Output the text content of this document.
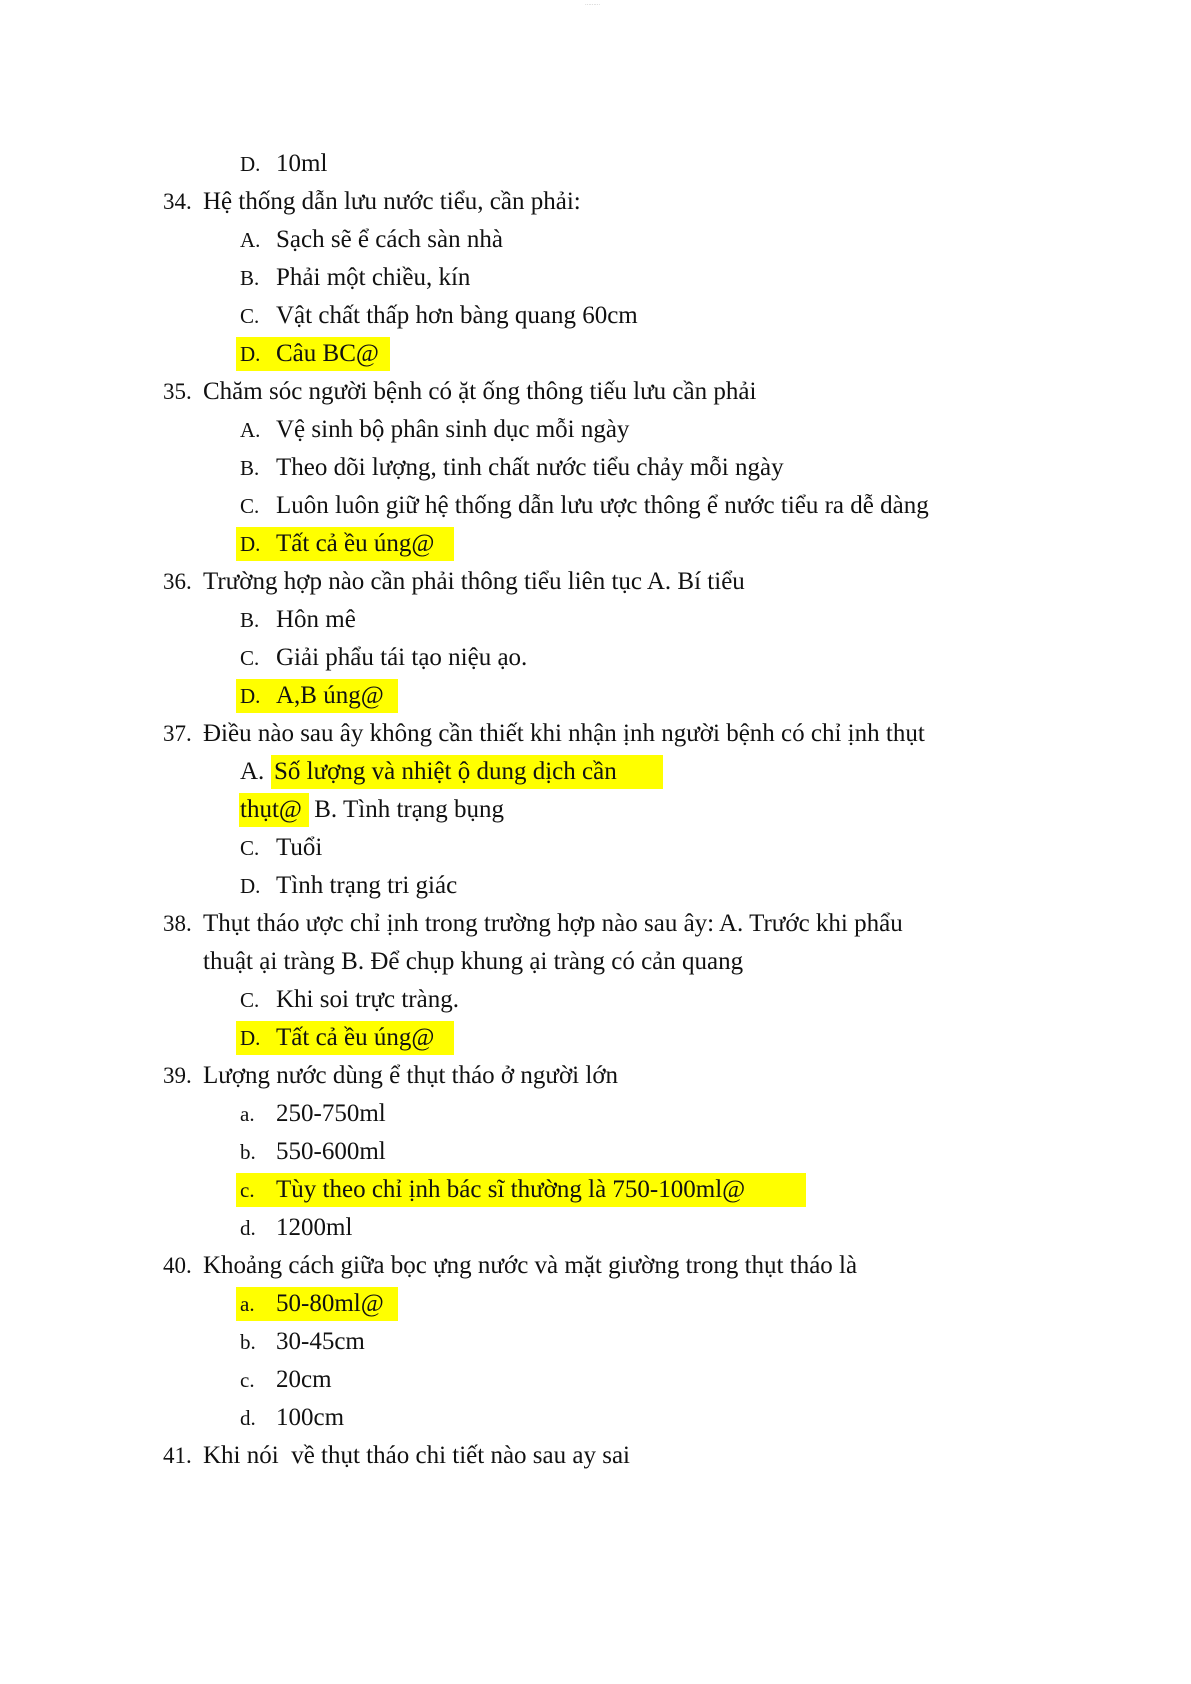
·········
D. 10ml
34. Hệ thống dẫn lưu nước tiểu, cần phải:
A. Sạch sẽ ể cách sàn nhà
B. Phải một chiều, kín
C. Vật chất thấp hơn bàng quang 60cm
D. Câu BC@
35. Chăm sóc người bệnh có ặt ống thông tiếu lưu cần phải
A. Vệ sinh bộ phân sinh dục mỗi ngày
B. Theo dõi lượng, tinh chất nước tiểu chảy mỗi ngày
C. Luôn luôn giữ hệ thống dẫn lưu ược thông ể nước tiểu ra dễ dàng
D. Tất cả ều úng@
36. Trường hợp nào cần phải thông tiểu liên tục A. Bí tiểu
B. Hôn mê
C. Giải phẩu tái tạo niệu ạo.
D. A,B úng@
37. Điều nào sau ây không cần thiết khi nhận ịnh người bệnh có chỉ ịnh thụt
A. Số lượng và nhiệt ộ dung dịch cần
thụt@ B. Tình trạng bụng
C. Tuổi
D. Tình trạng tri giác
38. Thụt tháo ược chỉ ịnh trong trường hợp nào sau ây: A. Trước khi phẩu
thuật ại tràng B. Để chụp khung ại tràng có cản quang
C. Khi soi trực tràng.
D. Tất cả ều úng@
39. Lượng nước dùng ể thụt tháo ở người lớn
a. 250-750ml
b. 550-600ml
c. Tùy theo chỉ ịnh bác sĩ thường là 750-100ml@
d. 1200ml
40. Khoảng cách giữa bọc ựng nước và mặt giường trong thụt tháo là
a. 50-80ml@
b. 30-45cm
c. 20cm
d. 100cm
41. Khi nói  về thụt tháo chi tiết nào sau ay sai
